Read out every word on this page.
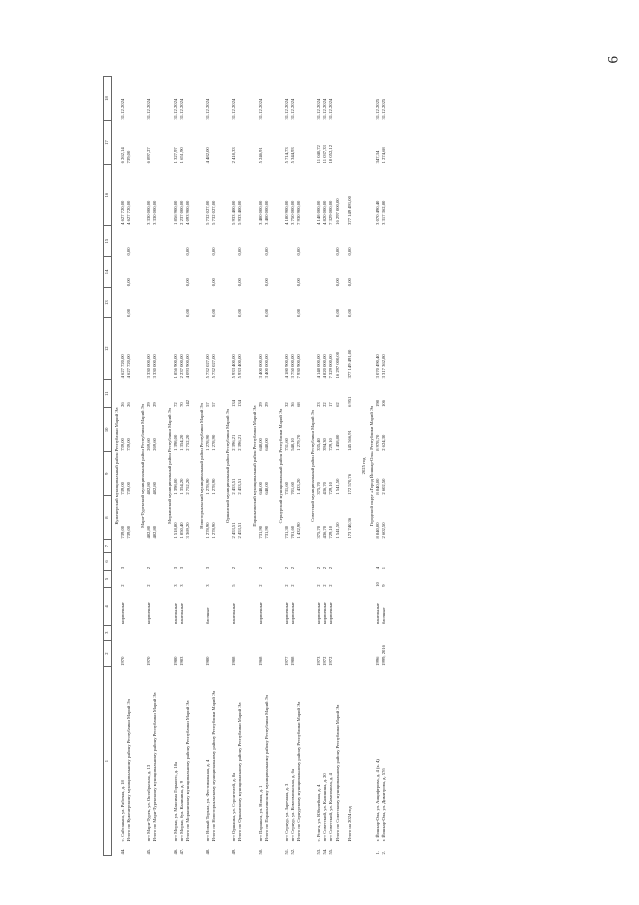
6
1		2	3	4	5	6	7	8	9	10	11	12	13	14	15	16	17	18
Куженерский муниципальный район Республики Марий Эл																		
44.	с. Сайтаныш, ул. Рабочая, д. 18	1970		кирпичные	2	3		739,00	739,00	739,00	26	4 627 720,00				4 627 720,00	6 262,14	31.12.2024
	Итого по Куженерскому муниципальному району Республики Марий Эл							739,00	739,00	739,00	26	4 627 720,00	0,00	0,00	0,00	4 627 720,00	739,00	

Мари-Турекский муниципальный район Республики Марий Эл																		
45.	пгт Мари-Турек, ул. Октябрьская, д. 13	1970		кирпичные	2	2		482,80	482,80	269,60	29	3 330 000,00				3 330 000,00	6 897,27	31.12.2024
	Итого по Мари-Турекскому муниципальному району Республики Марий Эл							482,80	482,80	269,60	29	3 330 000,00				3 330 000,00		

Моркинский муниципальный район Республики Марий Эл																		
46.	пгт Морки, ул. Максима Горького, д. 18а	1980		панельные	3	3		1 518,80	1 398,00	1 398,00	72	1 856 900,00				1 856 900,00	1 327,97	31.12.2024
47.	пгт Морки, бул. Калинина, д. 9	1983		панельные	3	3		1 850,40	1 354,20	1 354,20	70	2 237 000,00				2 237 000,00	1 651,90	31.12.2024
	Итого по Моркинскому муниципальному району Республики Марий Эл							3 369,20	2 752,20	2 752,20	142	4 093 900,00	0,00	0,00	0,00	4 093 900,00		

Новоторъяльский муниципальный район Республики Марий Эл																		
48.	пгт Новый Торъял, ул. Фестивальная, д. 4	1980		блочные	3	3		1 278,90	1 278,90	1 278,90	57	5 732 027,00				5 732 027,00	4 482,00	31.12.2024
	Итого по Новоторъяльскому муниципальному району Республики Марий Эл							1 278,90	1 278,90	1 278,90	57	5 732 027,00	0,00	0,00	0,00	5 732 027,00		

Оршанский муниципальный район Республики Марий Эл																		
49.	пгт Оршанка, ул. Строителей, д. 8а	1988		панельные	5	2		2 453,51	2 453,51	2 396,21	134	5 933 400,00				5 933 400,00	2 418,33	31.12.2024
	Итого по Оршанскому муниципальному району Республики Марий Эл							2 453,51	2 453,51	2 396,21	134	5 933 400,00	0,00	0,00	0,00	5 933 400,00		

Параньгинский муниципальный район Республики Марий Эл																		
50.	пгт Параньга, ул. Новая, д. 1	1968		кирпичные	2	2		731,90	648,00	648,00	29	3 400 000,00				3 400 000,00	5 246,91	31.12.2024
	Итого по Параньгинскому муниципальному району Республики Марий Эл							731,90	648,00	648,00	29	3 400 000,00	0,00	0,00	0,00	3 400 000,00		

Сернурский муниципальный район Республики Марий Эл																		
51.	пгт Сернур, ул. Заречная, д. 3	1977		кирпичные	2	2		731,30	731,60	731,60	32	4 180 900,00				4 180 900,00	5 714,73	31.12.2024
52.	пгт Сернур, ул. Комсомольская, д. 6а	1988		кирпичные	2	2		701,60	701,60	548,10	36	3 750 000,00				3 750 000,00	5 344,93	31.12.2024
	Итого по Сернурскому муниципальному району Республики Марий Эл							1 432,90	1 433,20	1 279,70	68	7 930 900,00	0,00	0,00	0,00	7 930 900,00		

Советский муниципальный район Республики Марий Эл																		
53.	с. Ронга, ул. Юбилейная, д. 4	1973		кирпичные	2	2		375,70	375,70	335,40	23	4 148 000,00				4 148 000,00	11 040,72	31.12.2024
54.	пгт Советский, ул. Калинина, д. 20	1972		кирпичные	2	2		436,70	436,70	394,30	22	4 820 000,00				4 820 000,00	11 037,33	31.12.2024
55.	пгт Советский, ул. Комсомола, д. 4	1972		кирпичные	2	2		729,10	729,10	729,10	17	7 329 000,00				7 329 000,00	10 052,12	31.12.2024
	Итого по Советскому муниципальному району Республики Марий Эл							1 541,50	1 541,50	1 458,80	62	16 297 000,00	0,00	0,00	0,00	16 297 000,00		

	Итого на 2024 год							173 740,36	172 570,76	145 566,91	6 951	377 149 491,00	0,00	0,00	0,00	377 149 491,00		

2025 год																		
Городской округ «Город Йошкар-Ола» Республики Марий Эл																		
1.	г. Йошкар-Ола, ул. Анциферова, д. 4 (к. 4)	1996		панельные	10	4		8 840,00	8 840,00	8 978,70	198	3 070 490,40				3 070 490,40	347,34	31.12.2025
2.	г. Йошкар-Ола, ул. Димитрова, д. 57б	1999, 2016		блочные	9	1		2 602,50	2 602,50	2 624,30	106	3 317 362,80				3 317 362,80	1 274,68	31.12.2025
